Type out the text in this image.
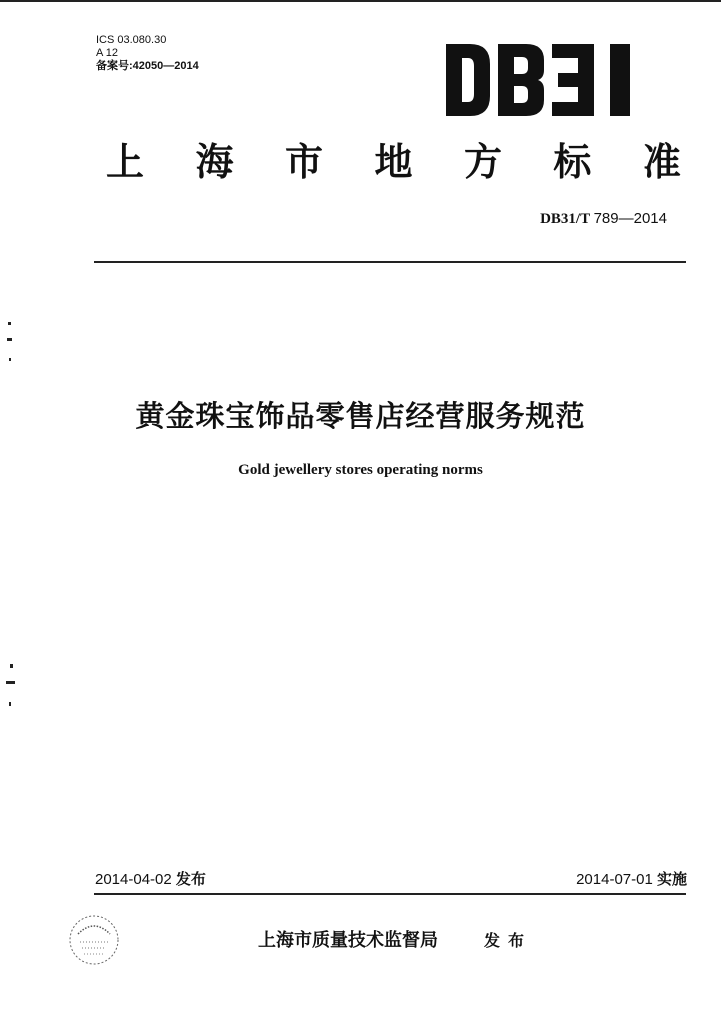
ICS 03.080.30
A 12
备案号:42050—2014
上 海 市 地 方 标 准
DB31/T 789—2014
黄金珠宝饰品零售店经营服务规范
Gold jewellery stores operating norms
2014-04-02 发布	2014-07-01 实施
上海市质量技术监督局	发布
